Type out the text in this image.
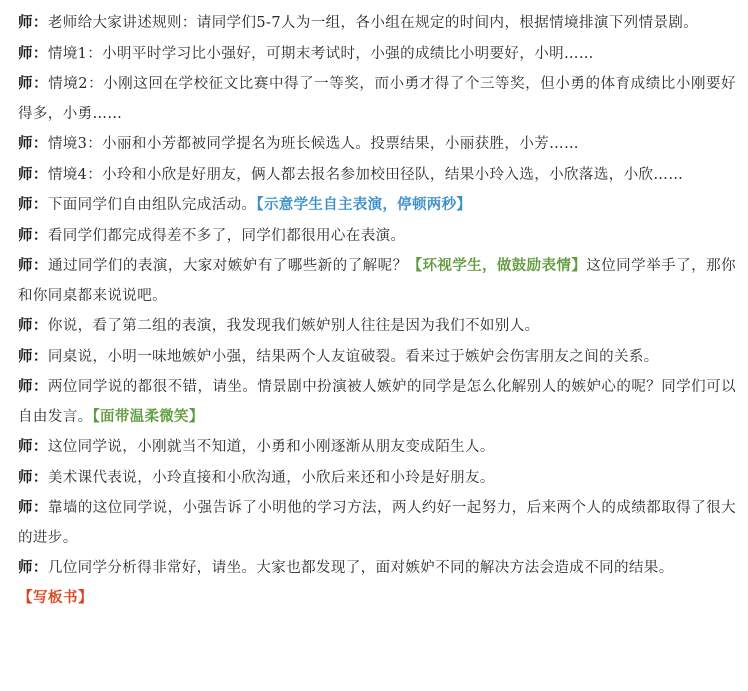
师：老师给大家讲述规则：请同学们5-7人为一组，各小组在规定的时间内，根据情境排演下列情景剧。

师：情境1：小明平时学习比小强好，可期末考试时，小强的成绩比小明要好，小明……

师：情境2：小刚这回在学校征文比赛中得了一等奖，而小勇才得了个三等奖，但小勇的体育成绩比小刚要好得多，小勇……

师：情境3：小丽和小芳都被同学提名为班长候选人。投票结果，小丽获胜，小芳……

师：情境4：小玲和小欣是好朋友，俩人都去报名参加校田径队，结果小玲入选，小欣落选，小欣……

师：下面同学们自由组队完成活动。【示意学生自主表演，停顿两秒】

师：看同学们都完成得差不多了，同学们都很用心在表演。

师：通过同学们的表演，大家对嫉妒有了哪些新的了解呢？【环视学生，做鼓励表情】这位同学举手了，那你和你同桌都来说说吧。

师：你说，看了第二组的表演，我发现我们嫉妒别人往往是因为我们不如别人。

师：同桌说，小明一味地嫉妒小强，结果两个人友谊破裂。看来过于嫉妒会伤害朋友之间的关系。

师：两位同学说的都很不错，请坐。情景剧中扮演被人嫉妒的同学是怎么化解别人的嫉妒心的呢？同学们可以自由发言。【面带温柔微笑】

师：这位同学说，小刚就当不知道，小勇和小刚逐渐从朋友变成陌生人。

师：美术课代表说，小玲直接和小欣沟通，小欣后来还和小玲是好朋友。

师：靠墙的这位同学说，小强告诉了小明他的学习方法，两人约好一起努力，后来两个人的成绩都取得了很大的进步。

师：几位同学分析得非常好，请坐。大家也都发现了，面对嫉妒不同的解决方法会造成不同的结果。

【写板书】
